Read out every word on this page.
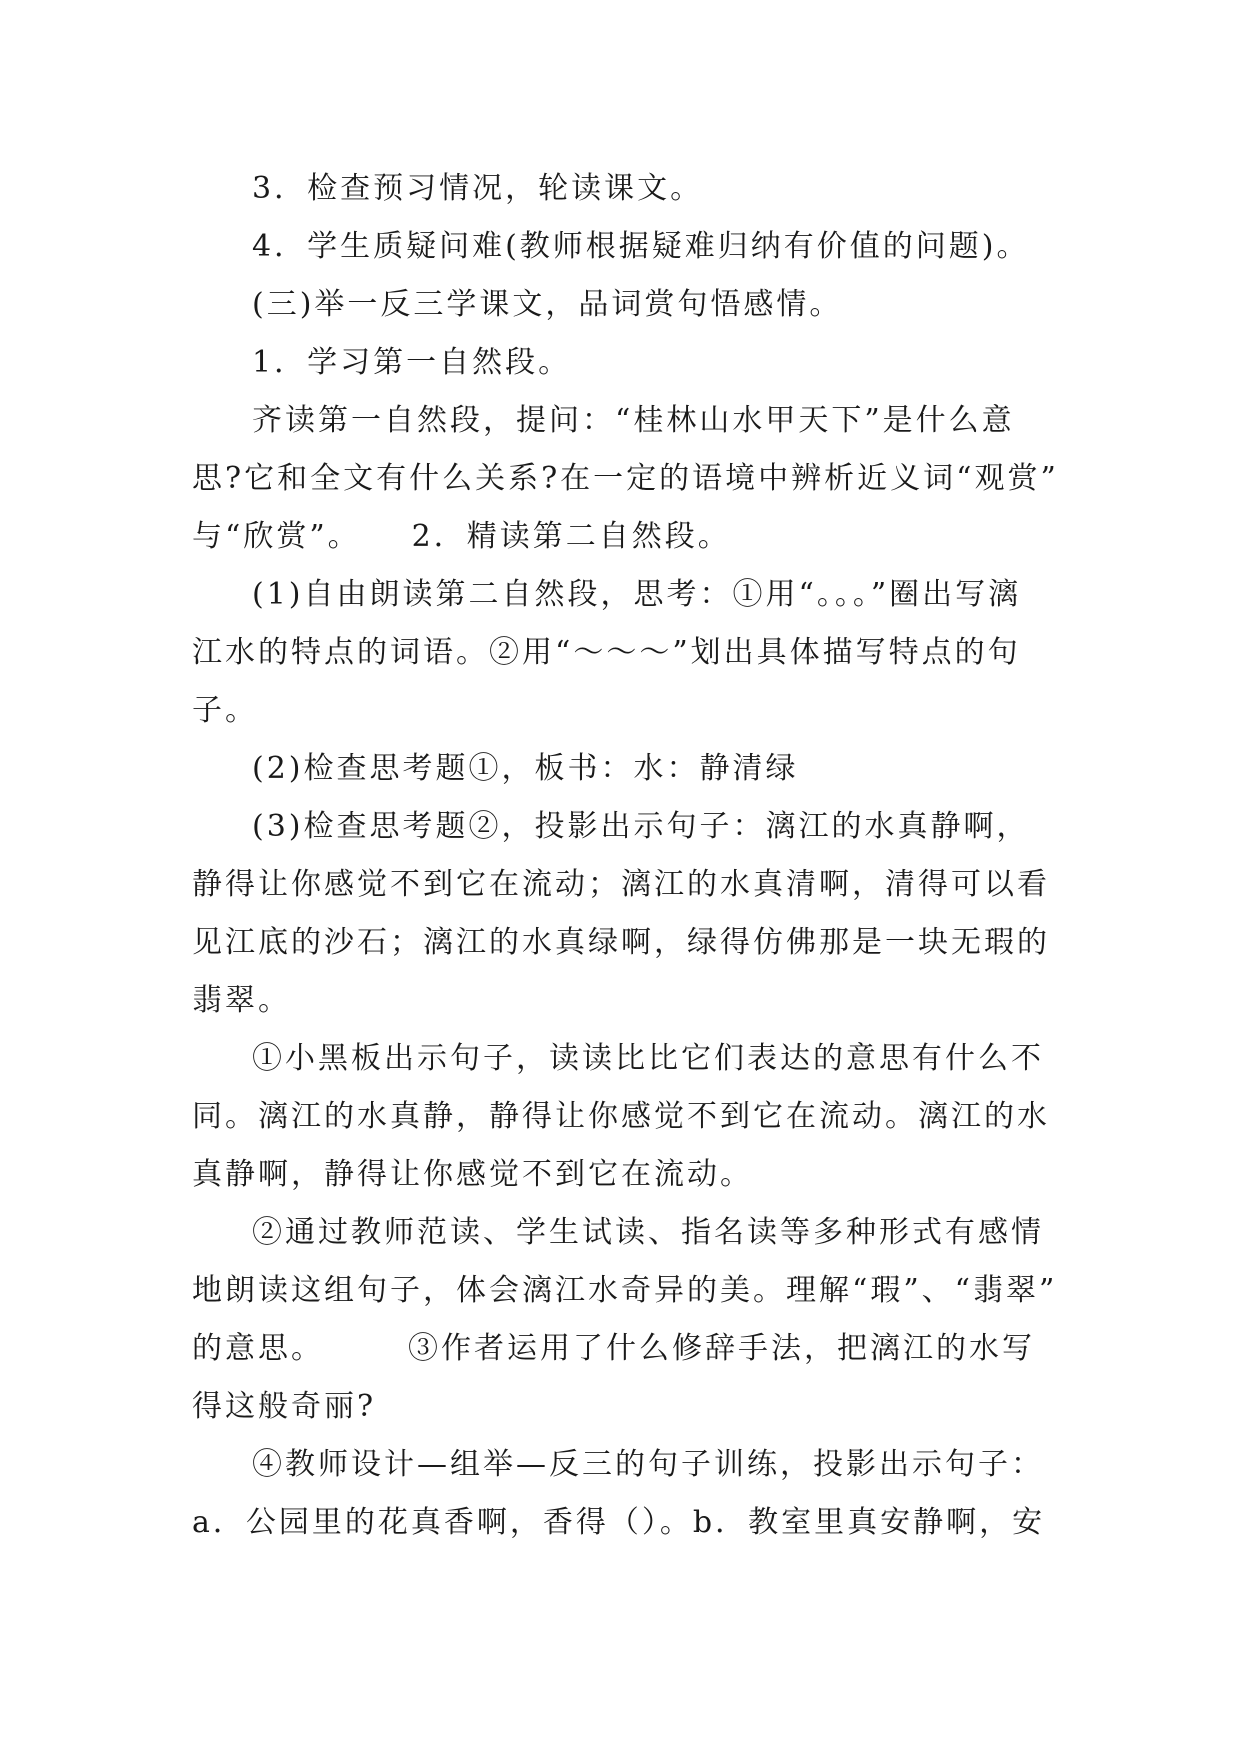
3．检查预习情况，轮读课文。
4．学生质疑问难(教师根据疑难归纳有价值的问题)。
(三)举一反三学课文，品词赏句悟感情。
1．学习第一自然段。
齐读第一自然段，提问：“桂林山水甲天下”是什么意
思?它和全文有什么关系?在一定的语境中辨析近义词“观赏”
与“欣赏”。　　2．精读第二自然段。
(1)自由朗读第二自然段，思考：①用“。。。”圈出写漓
江水的特点的词语。②用“～～～”划出具体描写特点的句
子。
(2)检查思考题①，板书：水：静清绿
(3)检查思考题②，投影出示句子：漓江的水真静啊，
静得让你感觉不到它在流动；漓江的水真清啊，清得可以看
见江底的沙石；漓江的水真绿啊，绿得仿佛那是一块无瑕的
翡翠。
①小黑板出示句子，读读比比它们表达的意思有什么不
同。漓江的水真静，静得让你感觉不到它在流动。漓江的水
真静啊，静得让你感觉不到它在流动。
②通过教师范读、学生试读、指名读等多种形式有感情
地朗读这组句子，体会漓江水奇异的美。理解“瑕”、“翡翠”
的意思。　　　③作者运用了什么修辞手法，把漓江的水写
得这般奇丽?
④教师设计—组举—反三的句子训练，投影出示句子：
a．公园里的花真香啊，香得（）。b．教室里真安静啊，安
